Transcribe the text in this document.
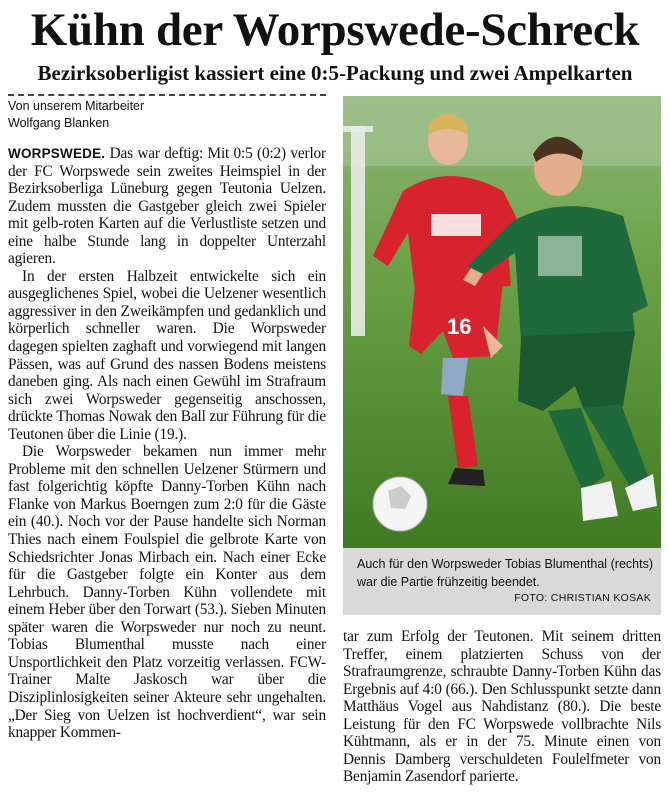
Kühn der Worpswede-Schreck
Bezirksoberligist kassiert eine 0:5-Packung und zwei Ampelkarten
Von unserem Mitarbeiter
Wolfgang Blanken

WORPSWEDE. Das war deftig: Mit 0:5 (0:2) verlor der FC Worpswede sein zweites Heimspiel in der Bezirksoberliga Lüneburg gegen Teutonia Uelzen. Zudem mussten die Gastgeber gleich zwei Spieler mit gelb-roten Karten auf die Verlustliste setzen und eine halbe Stunde lang in doppelter Unterzahl agieren.

In der ersten Halbzeit entwickelte sich ein ausgeglichenes Spiel, wobei die Uelzener wesentlich aggressiver in den Zweikämpfen und gedanklich und körperlich schneller waren. Die Worpsweder dagegen spielten zaghaft und vorwiegend mit langen Pässen, was auf Grund des nassen Bodens meistens daneben ging. Als nach einen Gewühl im Strafraum sich zwei Worpsweder gegenseitig anschossen, drückte Thomas Nowak den Ball zur Führung für die Teutonen über die Linie (19.).

Die Worpsweder bekamen nun immer mehr Probleme mit den schnellen Uelzener Stürmern und fast folgerichtig köpfte Danny-Torben Kühn nach Flanke von Markus Boerngen zum 2:0 für die Gäste ein (40.). Noch vor der Pause handelte sich Norman Thies nach einem Foulspiel die gelbrote Karte von Schiedsrichter Jonas Mirbach ein. Nach einer Ecke für die Gastgeber folgte ein Konter aus dem Lehrbuch. Danny-Torben Kühn vollendete mit einem Heber über den Torwart (53.). Sieben Minuten später waren die Worpsweder nur noch zu neunt. Tobias Blumenthal musste nach einer Unsportlichkeit den Platz vorzeitig verlassen. FCW-Trainer Malte Jaskosch war über die Disziplinlosigkeiten seiner Akteure sehr ungehalten. „Der Sieg von Uelzen ist hochverdient“, war sein knapper Kommen-

16
Auch für den Worpsweder Tobias Blumenthal (rechts) war die Partie frühzeitig beendet.
FOTO: CHRISTIAN KOSAK

tar zum Erfolg der Teutonen. Mit seinem dritten Treffer, einem platzierten Schuss von der Strafraumgrenze, schraubte Danny-Torben Kühn das Ergebnis auf 4:0 (66.). Den Schlusspunkt setzte dann Matthäus Vogel aus Nahdistanz (80.). Die beste Leistung für den FC Worpswede vollbrachte Nils Kühtmann, als er in der 75. Minute einen von Dennis Damberg verschuldeten Foulelfmeter von Benjamin Zasendorf parierte.
